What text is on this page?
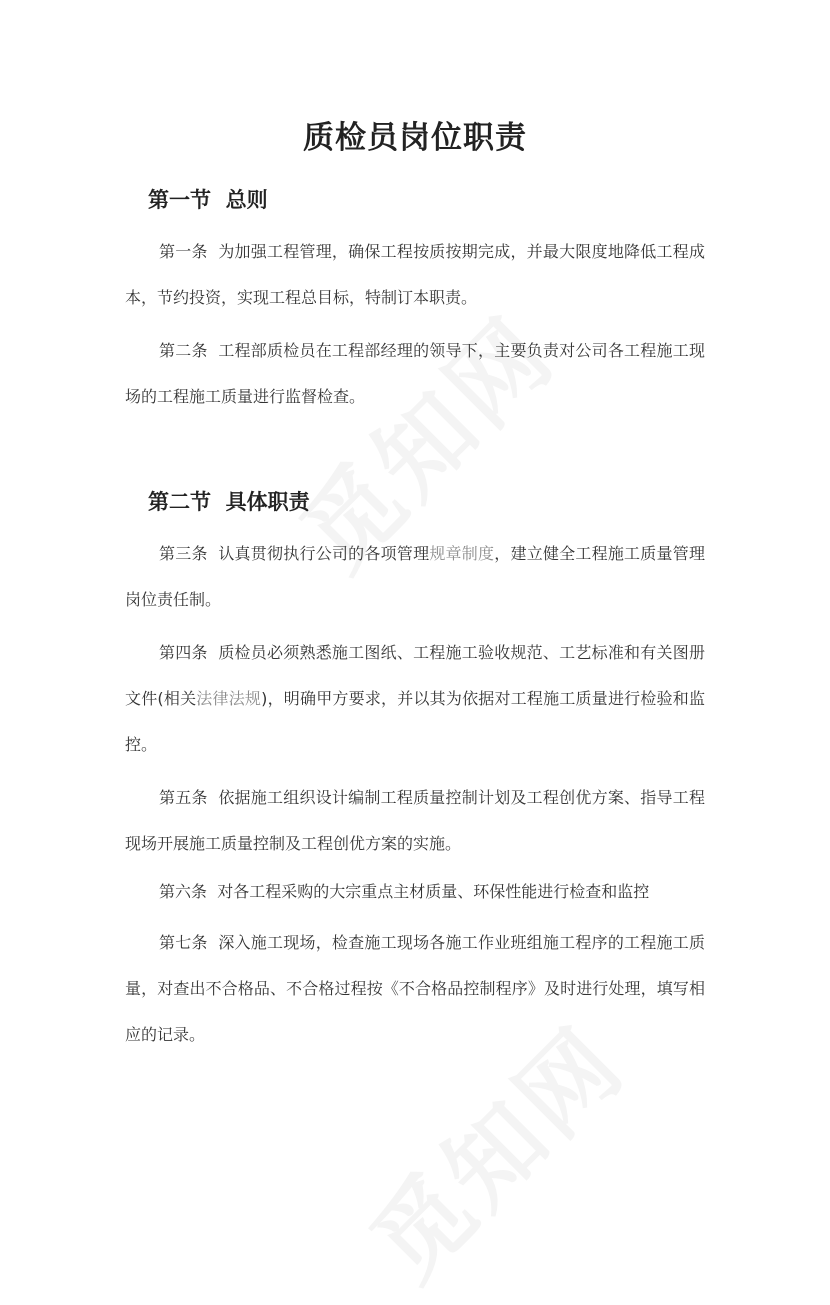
质检员岗位职责
第一节  总则

第一条  为加强工程管理，确保工程按质按期完成，并最大限度地降低工程成本，节约投资，实现工程总目标，特制订本职责。

第二条  工程部质检员在工程部经理的领导下，主要负责对公司各工程施工现场的工程施工质量进行监督检查。

第二节  具体职责

第三条  认真贯彻执行公司的各项管理规章制度，建立健全工程施工质量管理岗位责任制。

第四条  质检员必须熟悉施工图纸、工程施工验收规范、工艺标准和有关图册文件(相关法律法规)，明确甲方要求，并以其为依据对工程施工质量进行检验和监控。

第五条  依据施工组织设计编制工程质量控制计划及工程创优方案、指导工程现场开展施工质量控制及工程创优方案的实施。

第六条  对各工程采购的大宗重点主材质量、环保性能进行检查和监控

第七条  深入施工现场，检查施工现场各施工作业班组施工程序的工程施工质量，对查出不合格品、不合格过程按《不合格品控制程序》及时进行处理，填写相应的记录。
